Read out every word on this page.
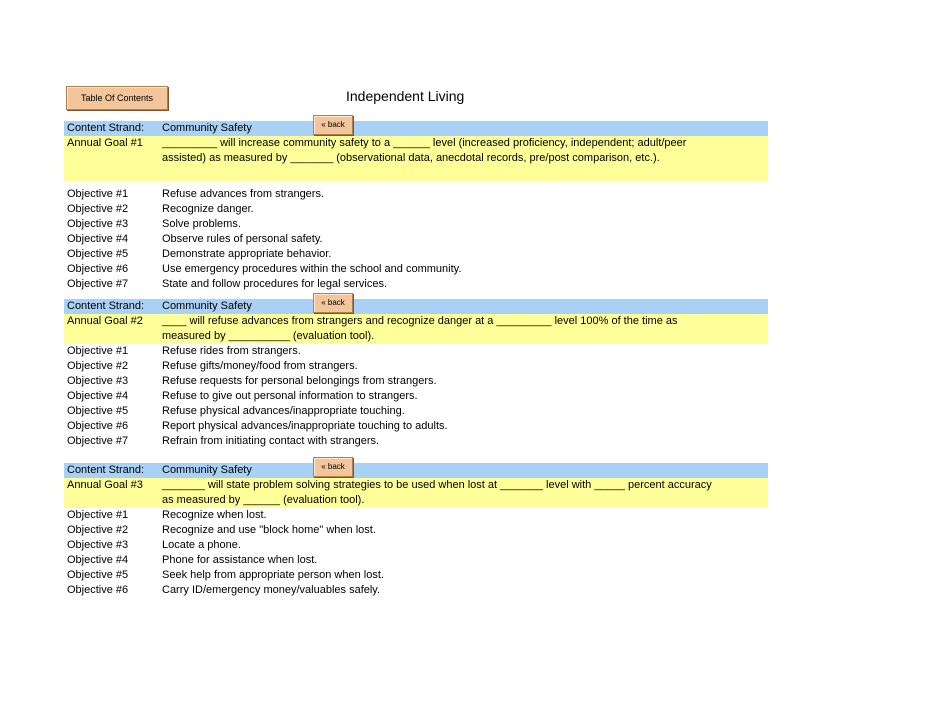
Table Of Contents	Independent Living
Content Strand:	Community Safety	« back
Annual Goal #1	_________ will increase community safety to a ______ level (increased proficiency, independent; adult/peer
assisted) as measured by _______ (observational data, anecdotal records, pre/post comparison, etc.).
Objective #1	Refuse advances from strangers.
Objective #2	Recognize danger.
Objective #3	Solve problems.
Objective #4	Observe rules of personal safety.
Objective #5	Demonstrate appropriate behavior.
Objective #6	Use emergency procedures within the school and community.
Objective #7	State and follow procedures for legal services.
Content Strand:	Community Safety	« back
Annual Goal #2	____ will refuse advances from strangers and recognize danger at a _________ level 100% of the time as
measured by __________ (evaluation tool).
Objective #1	Refuse rides from strangers.
Objective #2	Refuse gifts/money/food from strangers.
Objective #3	Refuse requests for personal belongings from strangers.
Objective #4	Refuse to give out personal information to strangers.
Objective #5	Refuse physical advances/inappropriate touching.
Objective #6	Report physical advances/inappropriate touching to adults.
Objective #7	Refrain from initiating contact with strangers.
Content Strand:	Community Safety	« back
Annual Goal #3	_______ will state problem solving strategies to be used when lost at _______ level with _____ percent accuracy
as measured by ______ (evaluation tool).
Objective #1	Recognize when lost.
Objective #2	Recognize and use "block home" when lost.
Objective #3	Locate a phone.
Objective #4	Phone for assistance when lost.
Objective #5	Seek help from appropriate person when lost.
Objective #6	Carry ID/emergency money/valuables safely.
